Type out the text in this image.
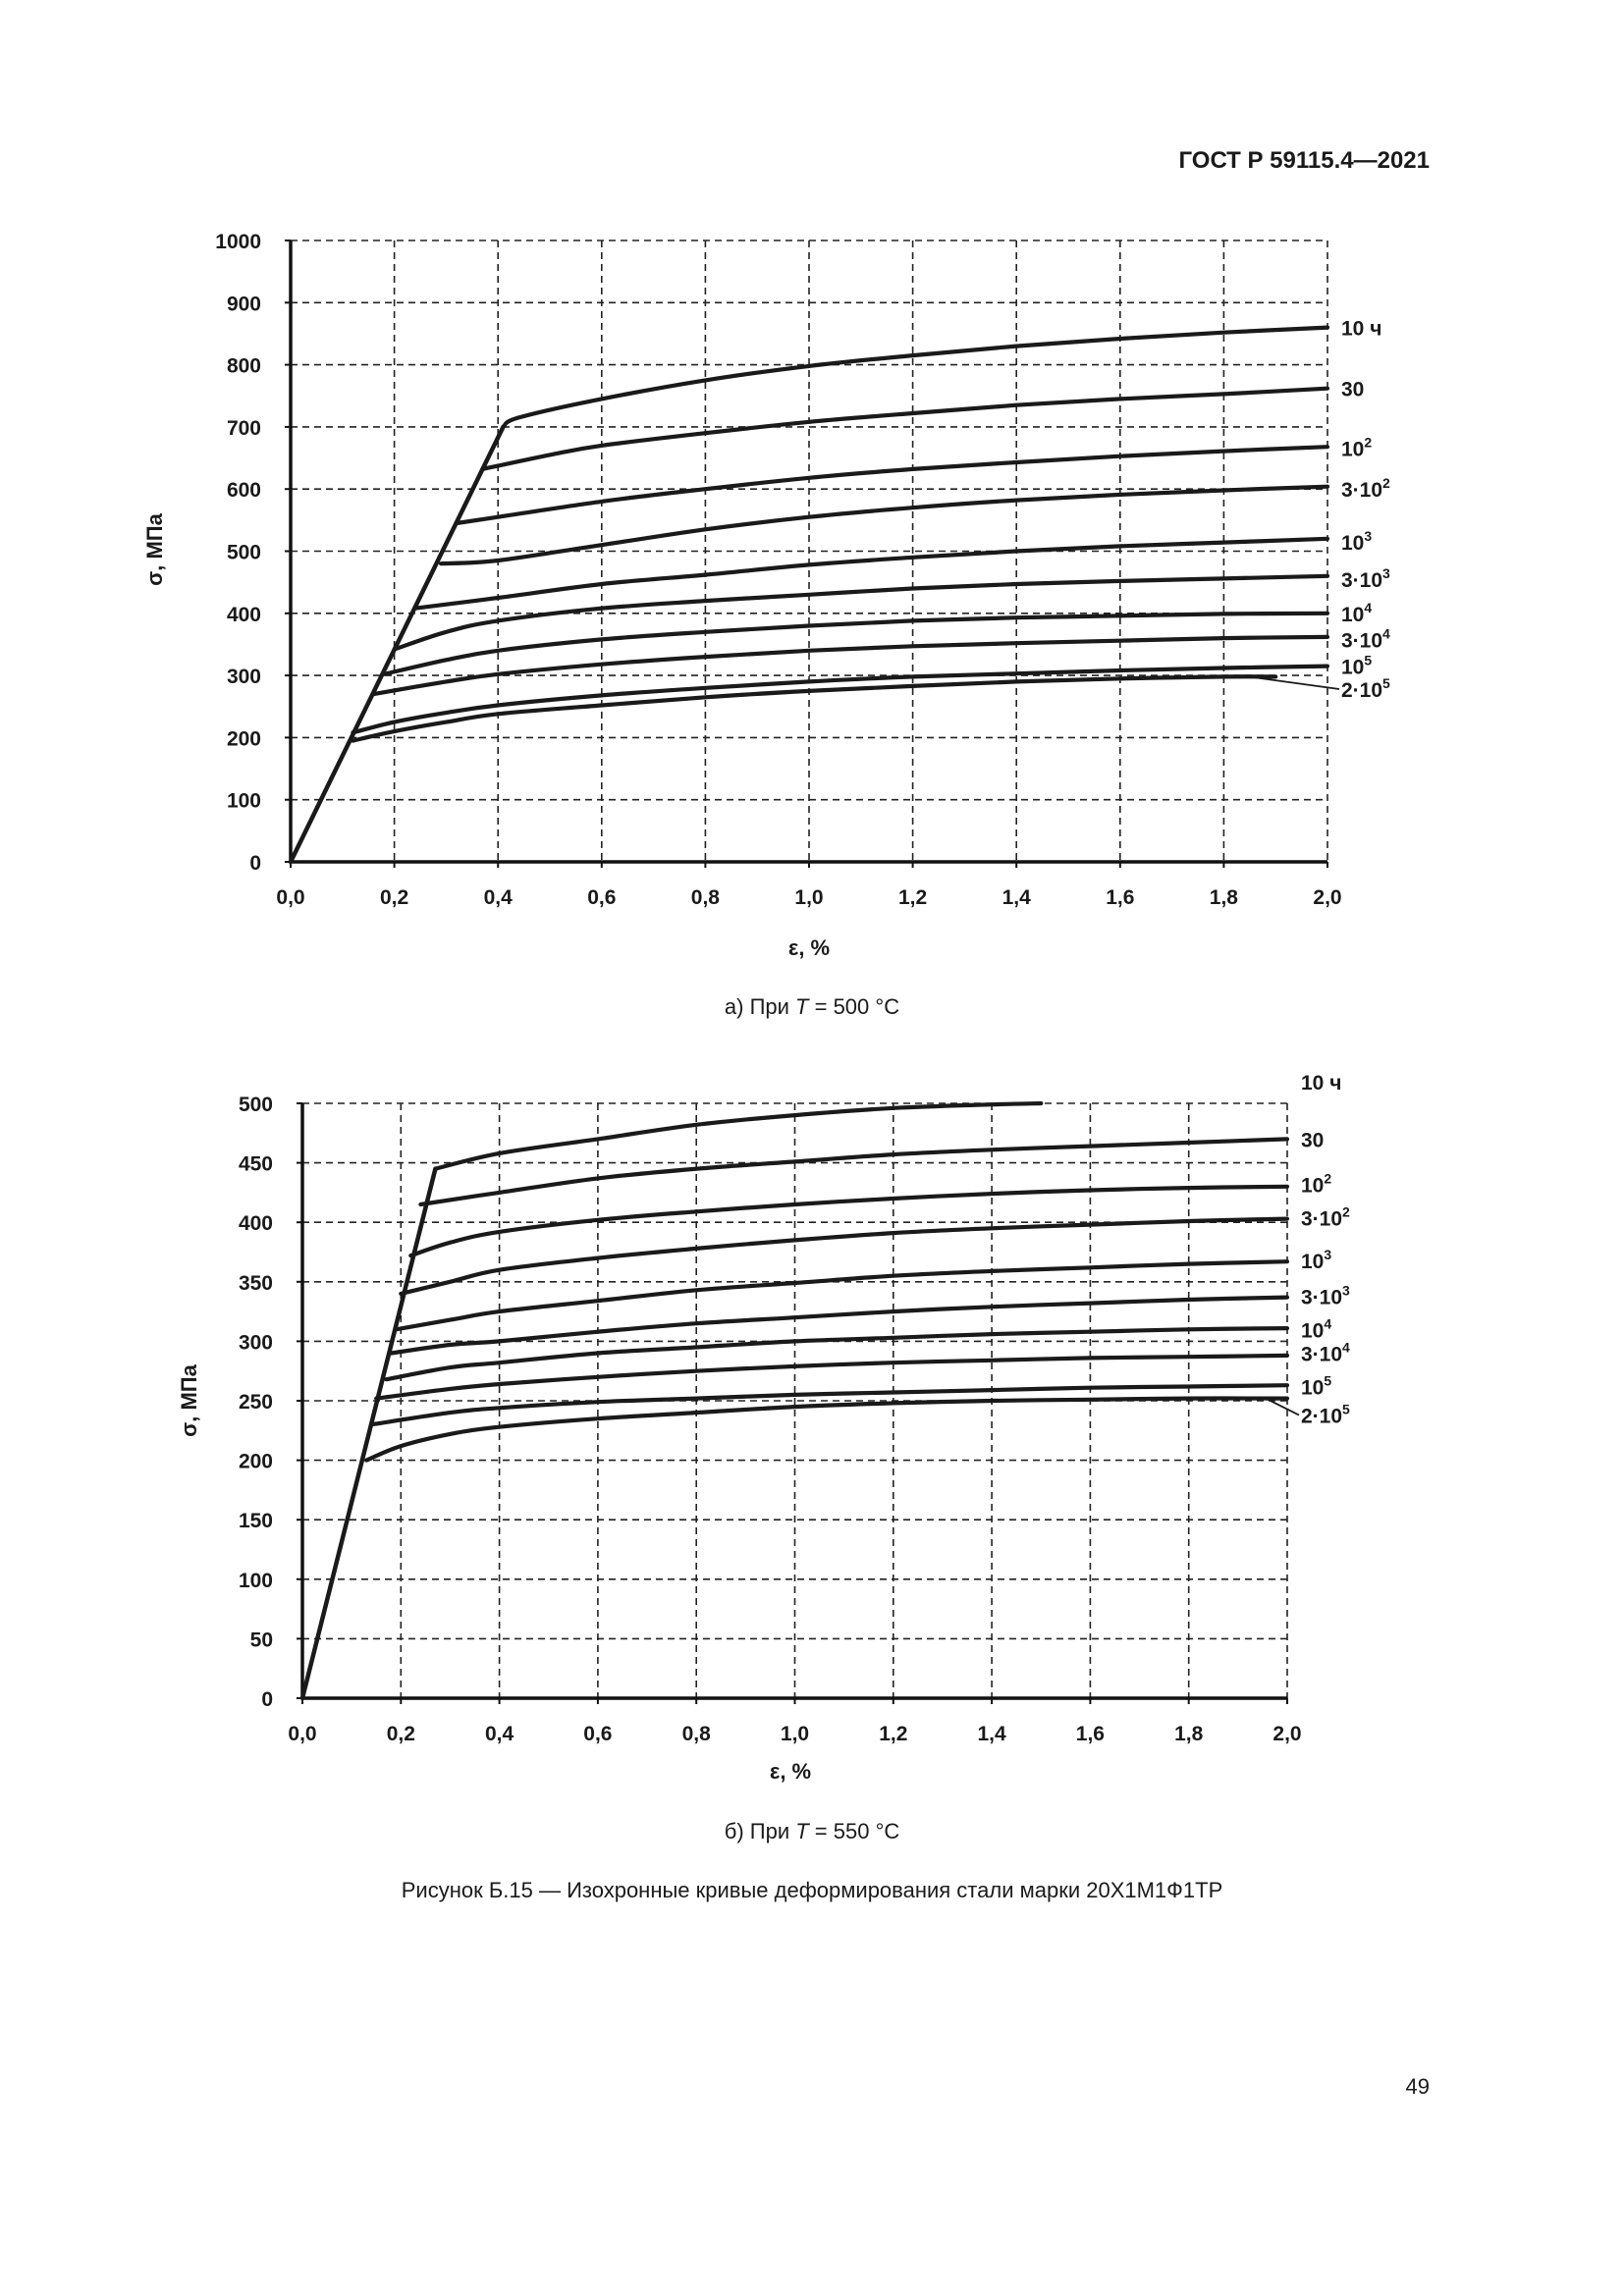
ГОСТ Р 59115.4—2021
0,0	0,2	0,4	0,6	0,8	1,0	1,2	1,4	1,6	1,8	2,0
0
100
200
300
400
500
600
700
800
900
1000
σ, МПа
ε, %
10 ч
30
$10^2$
$3\cdot 10^2$
$10^3$
$3\cdot 10^3$
$10^4$
$3\cdot 10^4$
$10^5$
$2\cdot 10^5$
а) При T = 500 °С
0,0	0,2	0,4	0,6	0,8	1,0	1,2	1,4	1,6	1,8	2,0
0
50
100
150
200
250
300
350
400
450
500
σ, МПа
ε, %
10 ч
30
$10^2$
$3\cdot 10^2$
$10^3$
$3\cdot 10^3$
$10^4$
$3\cdot 10^4$
$10^5$
$2\cdot 10^5$
б) При T = 550 °С
Рисунок Б.15 — Изохронные кривые деформирования стали марки 20Х1М1Ф1ТР
49
